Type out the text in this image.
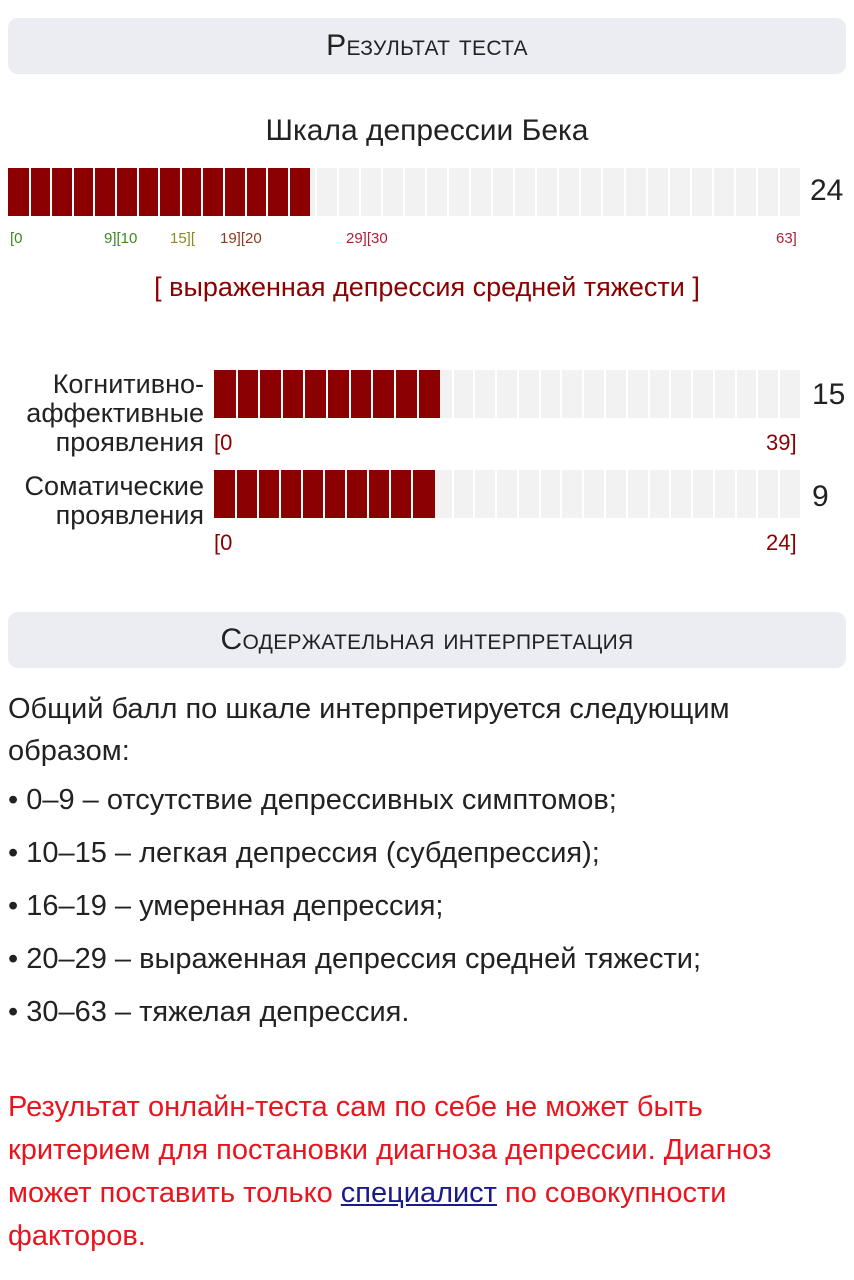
Результат теста
Шкала депрессии Бека
24
[0	9][10 15][ 19][20	29][30	63]
[ выраженная депрессия средней тяжести ]
Когнитивно-
аффективные
проявления
15
[0	39]
Соматические
проявления
9
[0	24]
Содержательная интерпретация
Общий балл по шкале интерпретируется следующим образом:
• 0–9 – отсутствие депрессивных симптомов;
• 10–15 – легкая депрессия (субдепрессия);
• 16–19 – умеренная депрессия;
• 20–29 – выраженная депрессия средней тяжести;
• 30–63 – тяжелая депрессия.
Результат онлайн-теста сам по себе не может быть критерием для постановки диагноза депрессии. Диагноз может поставить только специалист по совокупности факторов.
